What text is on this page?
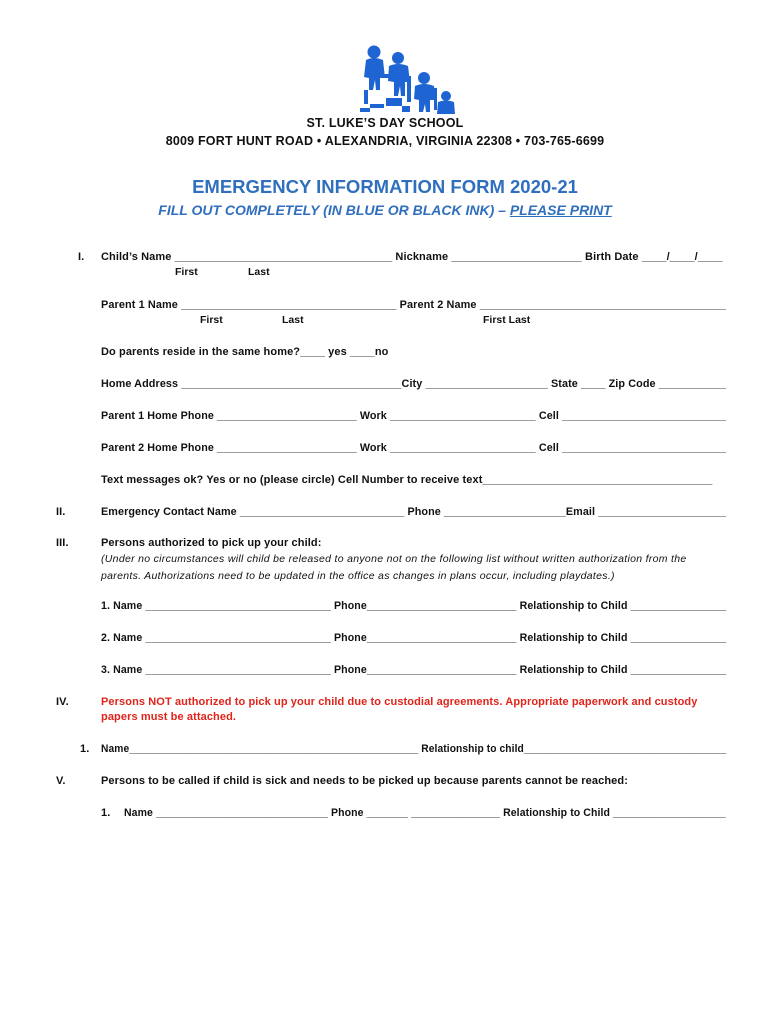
ST. LUKE’S DAY SCHOOL
8009 FORT HUNT ROAD • ALEXANDRIA, VIRGINIA 22308 • 703-765-6699
EMERGENCY INFORMATION FORM 2020-21
FILL OUT COMPLETELY (IN BLUE OR BLACK INK) – PLEASE PRINT
I. Child’s Name ___________________________________ Nickname _____________________ Birth Date ____/____/____
First	Last
Parent 1 Name ___________________________________ Parent 2 Name ________________________________________
First	Last	First Last
Do parents reside in the same home?____ yes ____no
Home Address ____________________________________City ____________________ State ____ Zip Code ___________
Parent 1 Home Phone _______________________ Work ________________________ Cell ___________________________
Parent 2 Home Phone _______________________ Work ________________________ Cell ___________________________
Text messages ok? Yes or no (please circle) Cell Number to receive text_____________________________________
II.	Emergency Contact Name ___________________________ Phone ____________________Email _____________________
III.	Persons authorized to pick up your child:
(Under no circumstances will child be released to anyone not on the following list without written authorization from the
parents. Authorizations need to be updated in the office as changes in plans occur, including playdates.)
1. Name _______________________________ Phone_________________________ Relationship to Child ________________
2. Name _______________________________ Phone_________________________ Relationship to Child ________________
3. Name _______________________________ Phone_________________________ Relationship to Child ________________
IV.	Persons NOT authorized to pick up your child due to custodial agreements. Appropriate paperwork and custody
papers must be attached.
1. Name__________________________________________________ Relationship to child___________________________________
V.	Persons to be called if child is sick and needs to be picked up because parents cannot be reached:
1. Name _____________________________ Phone _______ _______________ Relationship to Child ___________________
